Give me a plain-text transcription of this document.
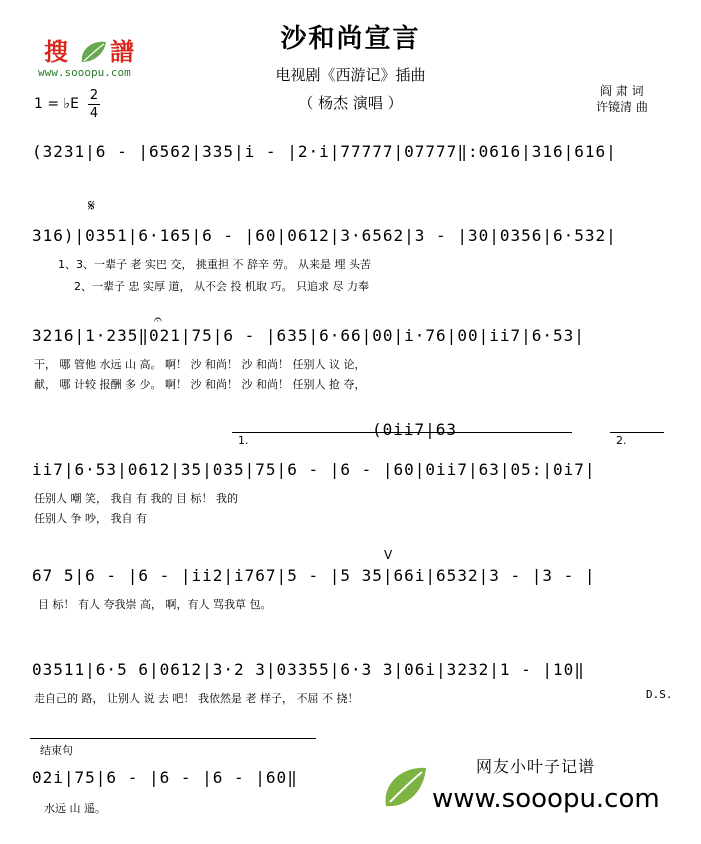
沙和尚宣言
电视剧《西游记》插曲
（ 杨杰 演唱 ）
阎 肃 词
许镜清 曲
搜 譜
www.sooopu.com
1 = ♭E
2
4
(3231|6 - |6562|335|i - |2·i|77777|07777‖:0616|316|616|
𝄋
316)|0351|6·165|6 - |60|0612|3·6562|3 - |30|0356|6·532|
1、3、一辈子 老 实巴 交， 挑重担 不 辞辛 劳。 从来是 埋 头苦
2、一辈子 忠 实厚 道， 从不会 投 机取 巧。 只追求 尽 力奉
𝄐
3216|1·235‖021|75|6 - |635|6·66|00|i·76|00|ii7|6·53|
干， 哪 管他 水远 山 高。 啊！ 沙 和尚！ 沙 和尚！ 任别人 议 论，
献， 哪 计较 报酬 多 少。 啊！ 沙 和尚！ 沙 和尚！ 任别人 抢 夺，
(0ii7|63
1.	2.
ii7|6·53|0612|35|035|75|6 - |6 - |60|0ii7|63|05:|0i7|
任别人 嘲 笑， 我自 有 我的 目 标！ 我的
任别人 争 吵， 我自 有
V
67 5|6 - |6 - |ii2|i767|5 - |5 35|66i|6532|3 - |3 - |
目 标！ 有人 夸我崇 高， 啊，有人 骂我草 包。
03511|6·5 6|0612|3·2 3|03355|6·3 3|06i|3232|1 - |10‖
走自己的 路， 让别人 说 去 吧！ 我依然是 老 样子， 不屈 不 挠！	D.S.
结束句
02i|75|6 - |6 - |6 - |60‖
水远 山 遥。
网友小叶子记谱
www.sooopu.com
